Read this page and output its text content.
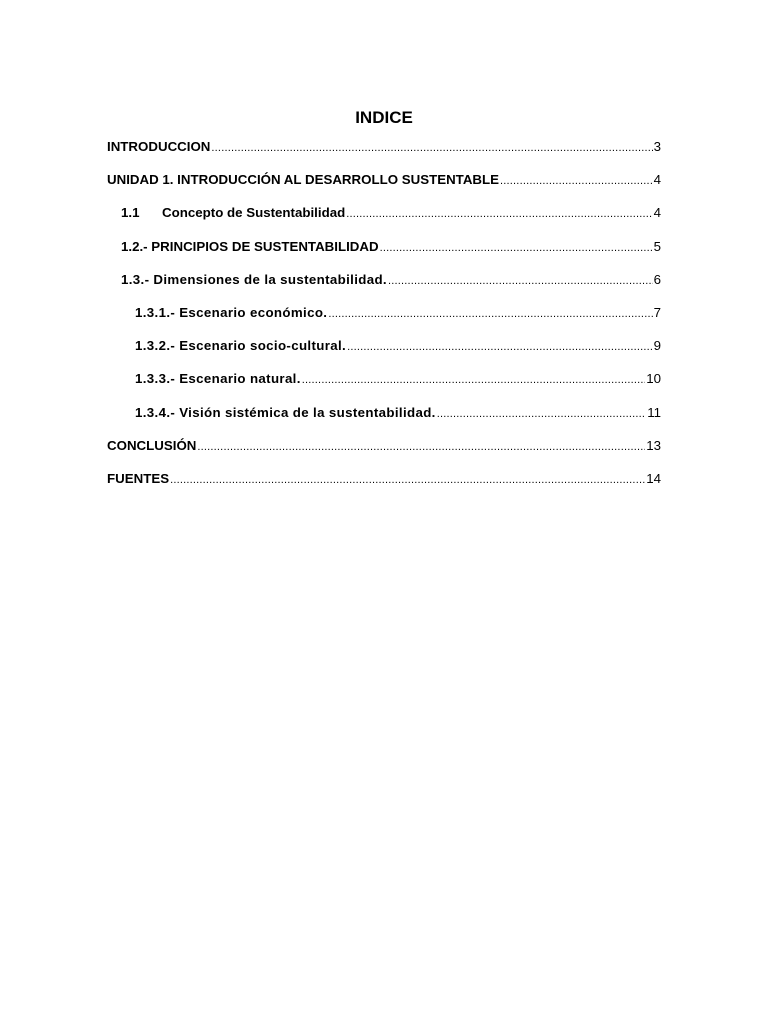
INDICE
INTRODUCCION .....	3
UNIDAD 1. INTRODUCCIÓN AL DESARROLLO SUSTENTABLE .....	4
1.1 Concepto de Sustentabilidad .....	4
1.2.- PRINCIPIOS DE SUSTENTABILIDAD .....	5
1.3.- Dimensiones de la sustentabilidad. .....	6
1.3.1.- Escenario económico. .....	7
1.3.2.- Escenario socio-cultural. .....	9
1.3.3.- Escenario natural. .....	10
1.3.4.- Visión sistémica de la sustentabilidad. .....	11
CONCLUSIÓN .....	13
FUENTES .....	14
